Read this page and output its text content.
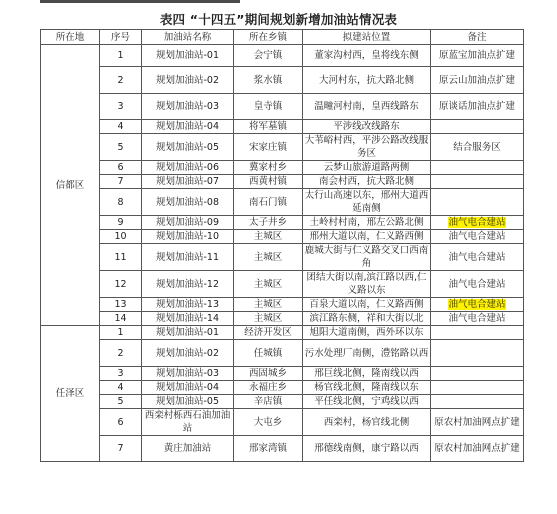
表四 “十四五”期间规划新增加油站情况表
所在地	序号	加油站名称	所在乡镇	拟建站位置	备注
信都区	1	规划加油站-01	会宁镇	董家沟村西，皇将线东侧	原蓝宝加油点扩建
	2	规划加油站-02	浆水镇	大河村东，抗大路北侧	原云山加油点扩建
	3	规划加油站-03	皇寺镇	温疃河村南，皇西线路东	原谈话加油点扩建
	4	规划加油站-04	将军墓镇	平涉线改线路东	
	5	规划加油站-05	宋家庄镇	大苇峪村西，平涉公路改线服务区	结合服务区
	6	规划加油站-06	冀家村乡	云梦山旅游道路两侧	
	7	规划加油站-07	西黄村镇	南会村西，抗大路北侧	
	8	规划加油站-08	南石门镇	太行山高速以东，邢州大道西延南侧	
	9	规划加油站-09	太子井乡	土岭村村南，邢左公路北侧	油气电合建站
	10	规划加油站-10	主城区	邢州大道以南，仁义路西侧	油气电合建站
	11	规划加油站-11	主城区	鹿城大街与仁义路交叉口西南角	油气电合建站
	12	规划加油站-12	主城区	团结大街以南,滨江路以西,仁义路以东	油气电合建站
	13	规划加油站-13	主城区	百泉大道以南，仁义路西侧	油气电合建站
	14	规划加油站-14	主城区	滨江路东侧，祥和大街以北	油气电合建站
任泽区	1	规划加油站-01	经济开发区	旭阳大道南侧，西外环以东	
	2	规划加油站-02	任城镇	污水处理厂南侧，澧铭路以西	
	3	规划加油站-03	西固城乡	邢巨线北侧，隆南线以西	
	4	规划加油站-04	永福庄乡	杨官线北侧，隆南线以东	
	5	规划加油站-05	辛店镇	平任线北侧，宁鸡线以西	
	6	西栾村栎西石油加油站	大屯乡	西栾村，杨官线北侧	原农村加油网点扩建
	7	黄庄加油站	邢家湾镇	邢德线南侧，康宁路以西	原农村加油网点扩建
